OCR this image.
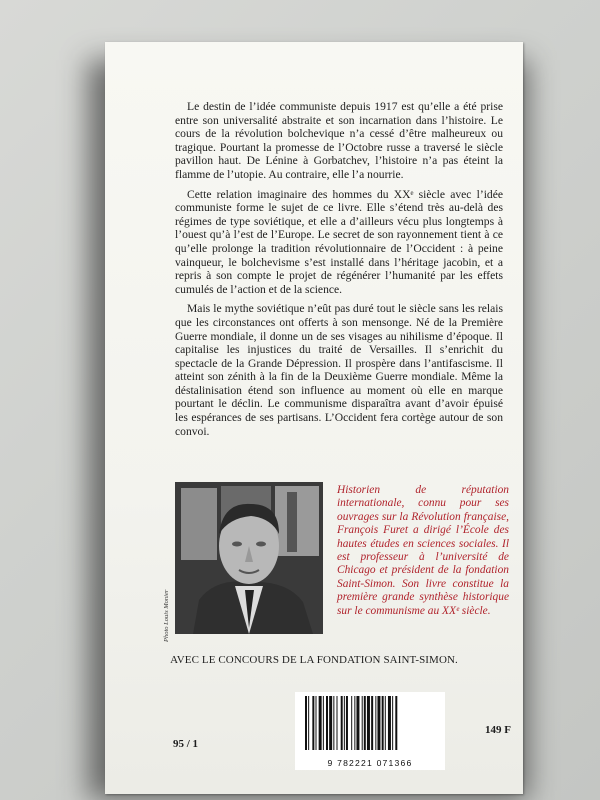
Le destin de l’idée communiste depuis 1917 est qu’elle a été prise entre son universalité abstraite et son incarnation dans l’histoire. Le cours de la révolution bolchevique n’a cessé d’être malheureux ou tragique. Pourtant la promesse de l’Octobre russe a traversé le siècle pavillon haut. De Lénine à Gorbatchev, l’histoire n’a pas éteint la flamme de l’utopie. Au contraire, elle l’a nourrie.

Cette relation imaginaire des hommes du XXᵉ siècle avec l’idée communiste forme le sujet de ce livre. Elle s’étend très au-delà des régimes de type soviétique, et elle a d’ailleurs vécu plus longtemps à l’ouest qu’à l’est de l’Europe. Le secret de son rayonnement tient à ce qu’elle prolonge la tradition révolutionnaire de l’Occident : à peine vainqueur, le bolchevisme s’est installé dans l’héritage jacobin, et a repris à son compte le projet de régénérer l’humanité par les effets cumulés de l’action et de la science.

Mais le mythe soviétique n’eût pas duré tout le siècle sans les relais que les circonstances ont offerts à son mensonge. Né de la Première Guerre mondiale, il donne un de ses visages au nihilisme d’époque. Il capitalise les injustices du traité de Versailles. Il s’enrichit du spectacle de la Grande Dépression. Il prospère dans l’antifascisme. Il atteint son zénith à la fin de la Deuxième Guerre mondiale. Même la déstalinisation étend son influence au moment où elle en marque pourtant le déclin. Le communisme disparaîtra avant d’avoir épuisé les espérances de ses partisans. L’Occident fera cortège autour de son convoi.

Photo Louis Monier
Historien de réputation internationale, connu pour ses ouvrages sur la Révolution française, François Furet a dirigé l’École des hautes études en sciences sociales. Il est professeur à l’université de Chicago et président de la fondation Saint-Simon. Son livre constitue la première grande synthèse historique sur le communisme au XXᵉ siècle.
AVEC LE CONCOURS DE LA FONDATION SAINT-SIMON.
95 / 1
9 782221 071366
149 F
